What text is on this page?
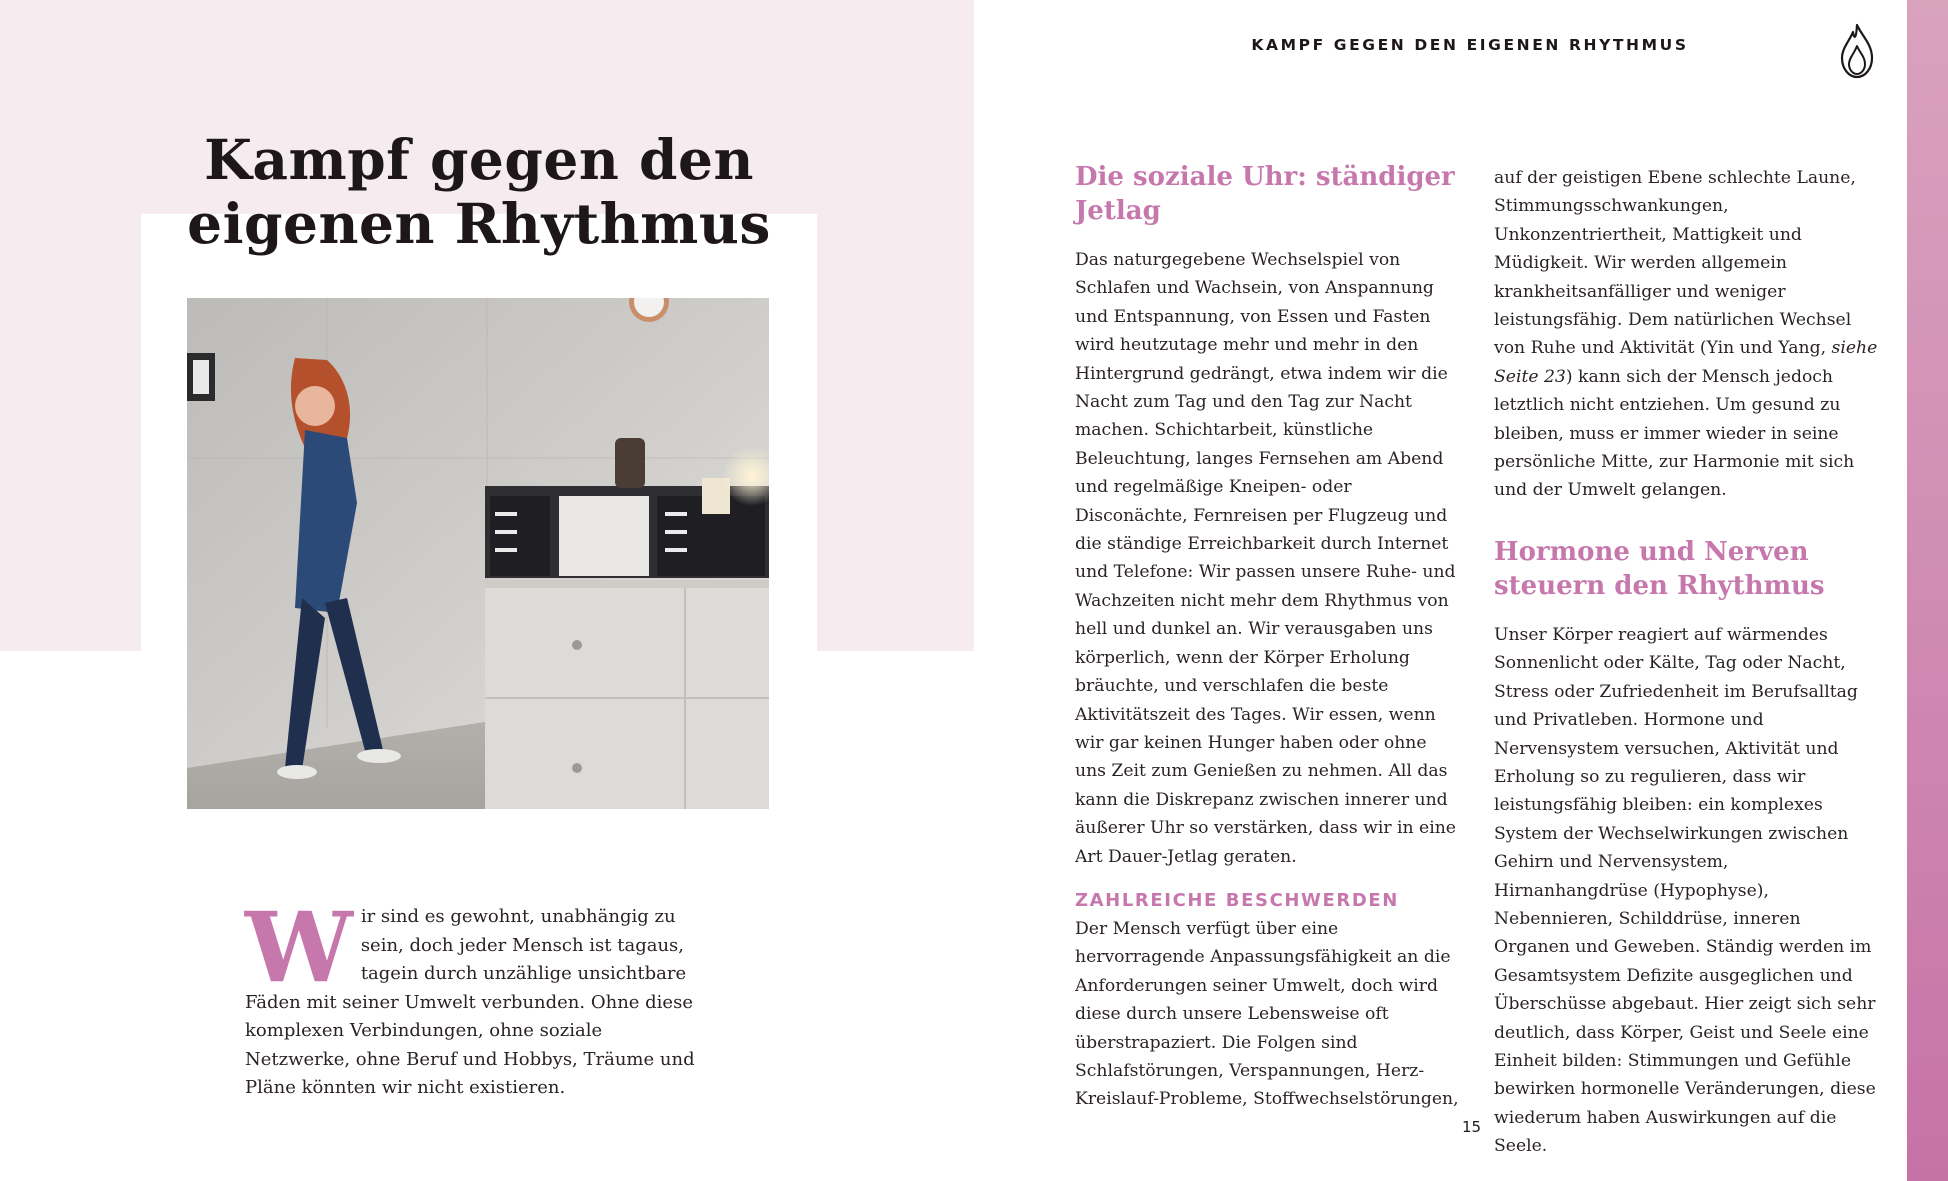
Kampf gegen den
eigenen Rhythmus

Wir sind es gewohnt, unabhängig zu sein, doch jeder Mensch ist tagaus, tagein durch unzählige unsichtbare Fäden mit seiner Umwelt verbunden. Ohne diese komplexen Verbindungen, ohne soziale Netzwerke, ohne Beruf und Hobbys, Träume und Pläne könnten wir nicht existieren.

KAMPF GEGEN DEN EIGENEN RHYTHMUS
Die soziale Uhr: ständiger Jetlag

Das naturgegebene Wechselspiel von Schlafen und Wachsein, von Anspannung und Entspannung, von Essen und Fasten wird heutzutage mehr und mehr in den Hintergrund gedrängt, etwa indem wir die Nacht zum Tag und den Tag zur Nacht machen. Schichtarbeit, künstliche Beleuchtung, langes Fernsehen am Abend und regelmäßige Kneipen- oder Disconächte, Fernreisen per Flugzeug und die ständige Erreichbarkeit durch Internet und Telefone: Wir passen unsere Ruhe- und Wachzeiten nicht mehr dem Rhythmus von hell und dunkel an. Wir verausgaben uns körperlich, wenn der Körper Erholung bräuchte, und verschlafen die beste Aktivitätszeit des Tages. Wir essen, wenn wir gar keinen Hunger haben oder ohne uns Zeit zum Genießen zu nehmen. All das kann die Diskrepanz zwischen innerer und äußerer Uhr so verstärken, dass wir in eine Art Dauer-Jetlag geraten.

ZAHLREICHE BESCHWERDEN

Der Mensch verfügt über eine hervorragende Anpassungsfähigkeit an die Anforderungen seiner Umwelt, doch wird diese durch unsere Lebensweise oft überstrapaziert. Die Folgen sind Schlafstörungen, Verspannungen, Herz-Kreislauf-Probleme, Stoffwechselstörungen,

auf der geistigen Ebene schlechte Laune, Stimmungsschwankungen, Unkonzentriertheit, Mattigkeit und Müdigkeit. Wir werden allgemein krankheitsanfälliger und weniger leistungsfähig. Dem natürlichen Wechsel von Ruhe und Aktivität (Yin und Yang, siehe Seite 23) kann sich der Mensch jedoch letztlich nicht entziehen. Um gesund zu bleiben, muss er immer wieder in seine persönliche Mitte, zur Harmonie mit sich und der Umwelt gelangen.

Hormone und Nerven steuern den Rhythmus

Unser Körper reagiert auf wärmendes Sonnenlicht oder Kälte, Tag oder Nacht, Stress oder Zufriedenheit im Berufsalltag und Privatleben. Hormone und Nervensystem versuchen, Aktivität und Erholung so zu regulieren, dass wir leistungsfähig bleiben: ein komplexes System der Wechselwirkungen zwischen Gehirn und Nervensystem, Hirnanhangdrüse (Hypophyse), Nebennieren, Schilddrüse, inneren Organen und Geweben. Ständig werden im Gesamtsystem Defizite ausgeglichen und Überschüsse abgebaut. Hier zeigt sich sehr deutlich, dass Körper, Geist und Seele eine Einheit bilden: Stimmungen und Gefühle bewirken hormonelle Veränderungen, diese wiederum haben Auswirkungen auf die Seele.

15
